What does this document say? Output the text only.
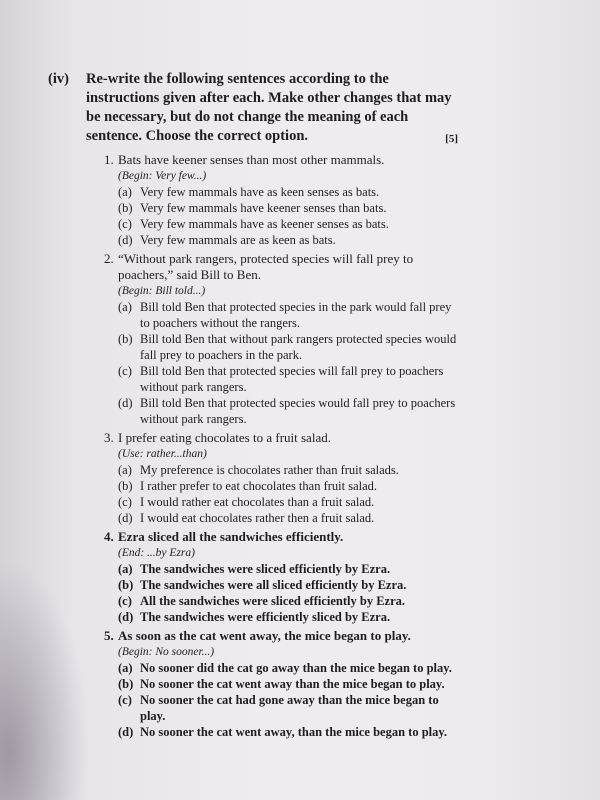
(iv)	Re-write the following sentences according to the instructions given after each. Make other changes that may be necessary, but do not change the meaning of each sentence. Choose the correct option.	[5]
1. Bats have keener senses than most other mammals.
(Begin: Very few...)
(a) Very few mammals have as keen senses as bats.
(b) Very few mammals have keener senses than bats.
(c) Very few mammals have as keener senses as bats.
(d) Very few mammals are as keen as bats.
2. “Without park rangers, protected species will fall prey to poachers,” said Bill to Ben.
(Begin: Bill told...)
(a) Bill told Ben that protected species in the park would fall prey to poachers without the rangers.
(b) Bill told Ben that without park rangers protected species would fall prey to poachers in the park.
(c) Bill told Ben that protected species will fall prey to poachers without park rangers.
(d) Bill told Ben that protected species would fall prey to poachers without park rangers.
3. I prefer eating chocolates to a fruit salad.
(Use: rather...than)
(a) My preference is chocolates rather than fruit salads.
(b) I rather prefer to eat chocolates than fruit salad.
(c) I would rather eat chocolates than a fruit salad.
(d) I would eat chocolates rather then a fruit salad.
4. Ezra sliced all the sandwiches efficiently.
(End: ...by Ezra)
(a) The sandwiches were sliced efficiently by Ezra.
(b) The sandwiches were all sliced efficiently by Ezra.
(c) All the sandwiches were sliced efficiently by Ezra.
(d) The sandwiches were efficiently sliced by Ezra.
5. As soon as the cat went away, the mice began to play.
(Begin: No sooner...)
(a) No sooner did the cat go away than the mice began to play.
(b) No sooner the cat went away than the mice began to play.
(c) No sooner the cat had gone away than the mice began to play.
(d) No sooner the cat went away, than the mice began to play.
